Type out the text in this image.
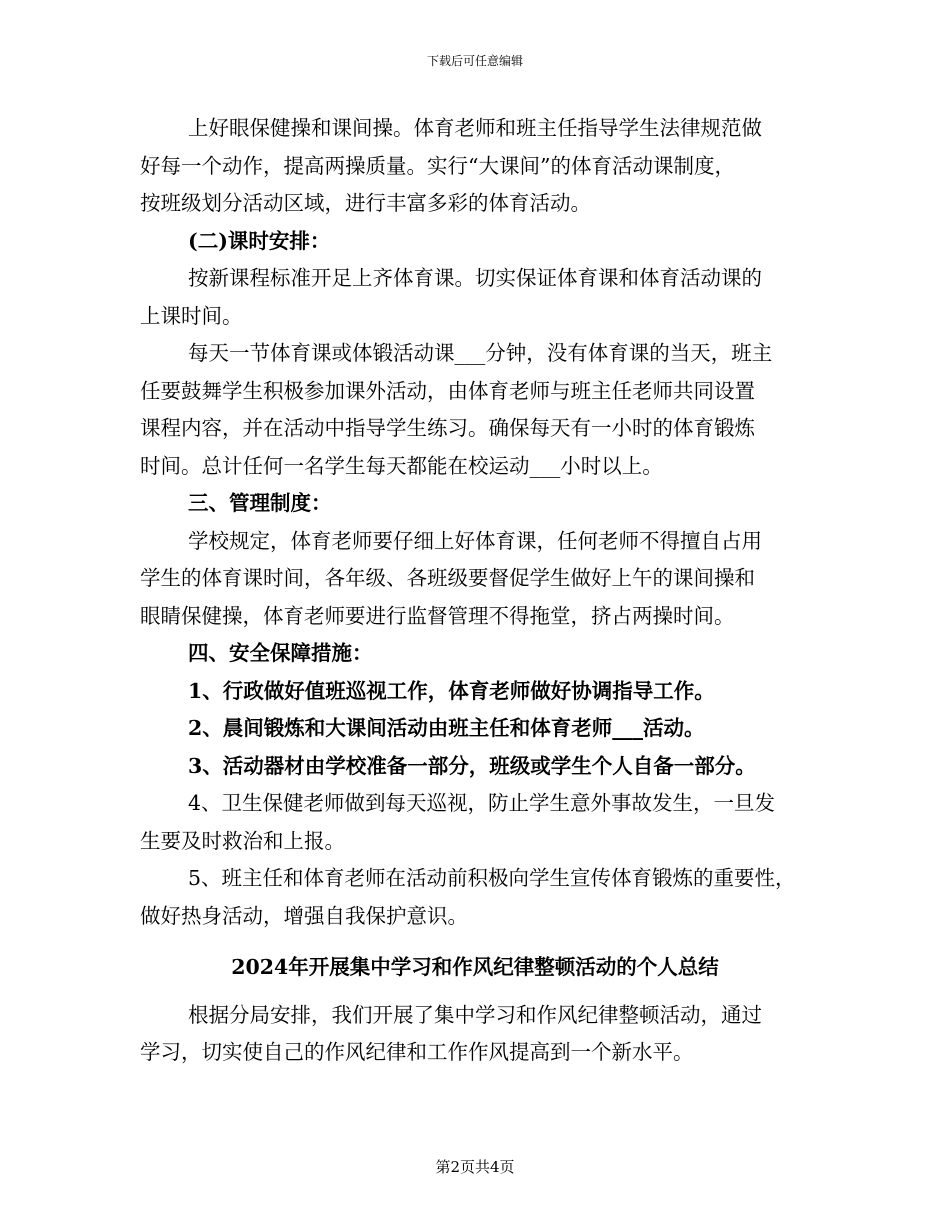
下载后可任意编辑
上好眼保健操和课间操。体育老师和班主任指导学生法律规范做
好每一个动作，提高两操质量。实行“大课间”的体育活动课制度，
按班级划分活动区域，进行丰富多彩的体育活动。
(二)课时安排：
按新课程标准开足上齐体育课。切实保证体育课和体育活动课的
上课时间。
每天一节体育课或体锻活动课___分钟，没有体育课的当天，班主
任要鼓舞学生积极参加课外活动，由体育老师与班主任老师共同设置
课程内容，并在活动中指导学生练习。确保每天有一小时的体育锻炼
时间。总计任何一名学生每天都能在校运动___小时以上。
三、管理制度：
学校规定，体育老师要仔细上好体育课，任何老师不得擅自占用
学生的体育课时间，各年级、各班级要督促学生做好上午的课间操和
眼睛保健操，体育老师要进行监督管理不得拖堂，挤占两操时间。
四、安全保障措施：
1、行政做好值班巡视工作，体育老师做好协调指导工作。
2、晨间锻炼和大课间活动由班主任和体育老师___活动。
3、活动器材由学校准备一部分，班级或学生个人自备一部分。
4、卫生保健老师做到每天巡视，防止学生意外事故发生，一旦发
生要及时救治和上报。
5、班主任和体育老师在活动前积极向学生宣传体育锻炼的重要性，
做好热身活动，增强自我保护意识。
2024年开展集中学习和作风纪律整顿活动的个人总结
根据分局安排，我们开展了集中学习和作风纪律整顿活动，通过
学习，切实使自己的作风纪律和工作作风提高到一个新水平。
第2页共4页
